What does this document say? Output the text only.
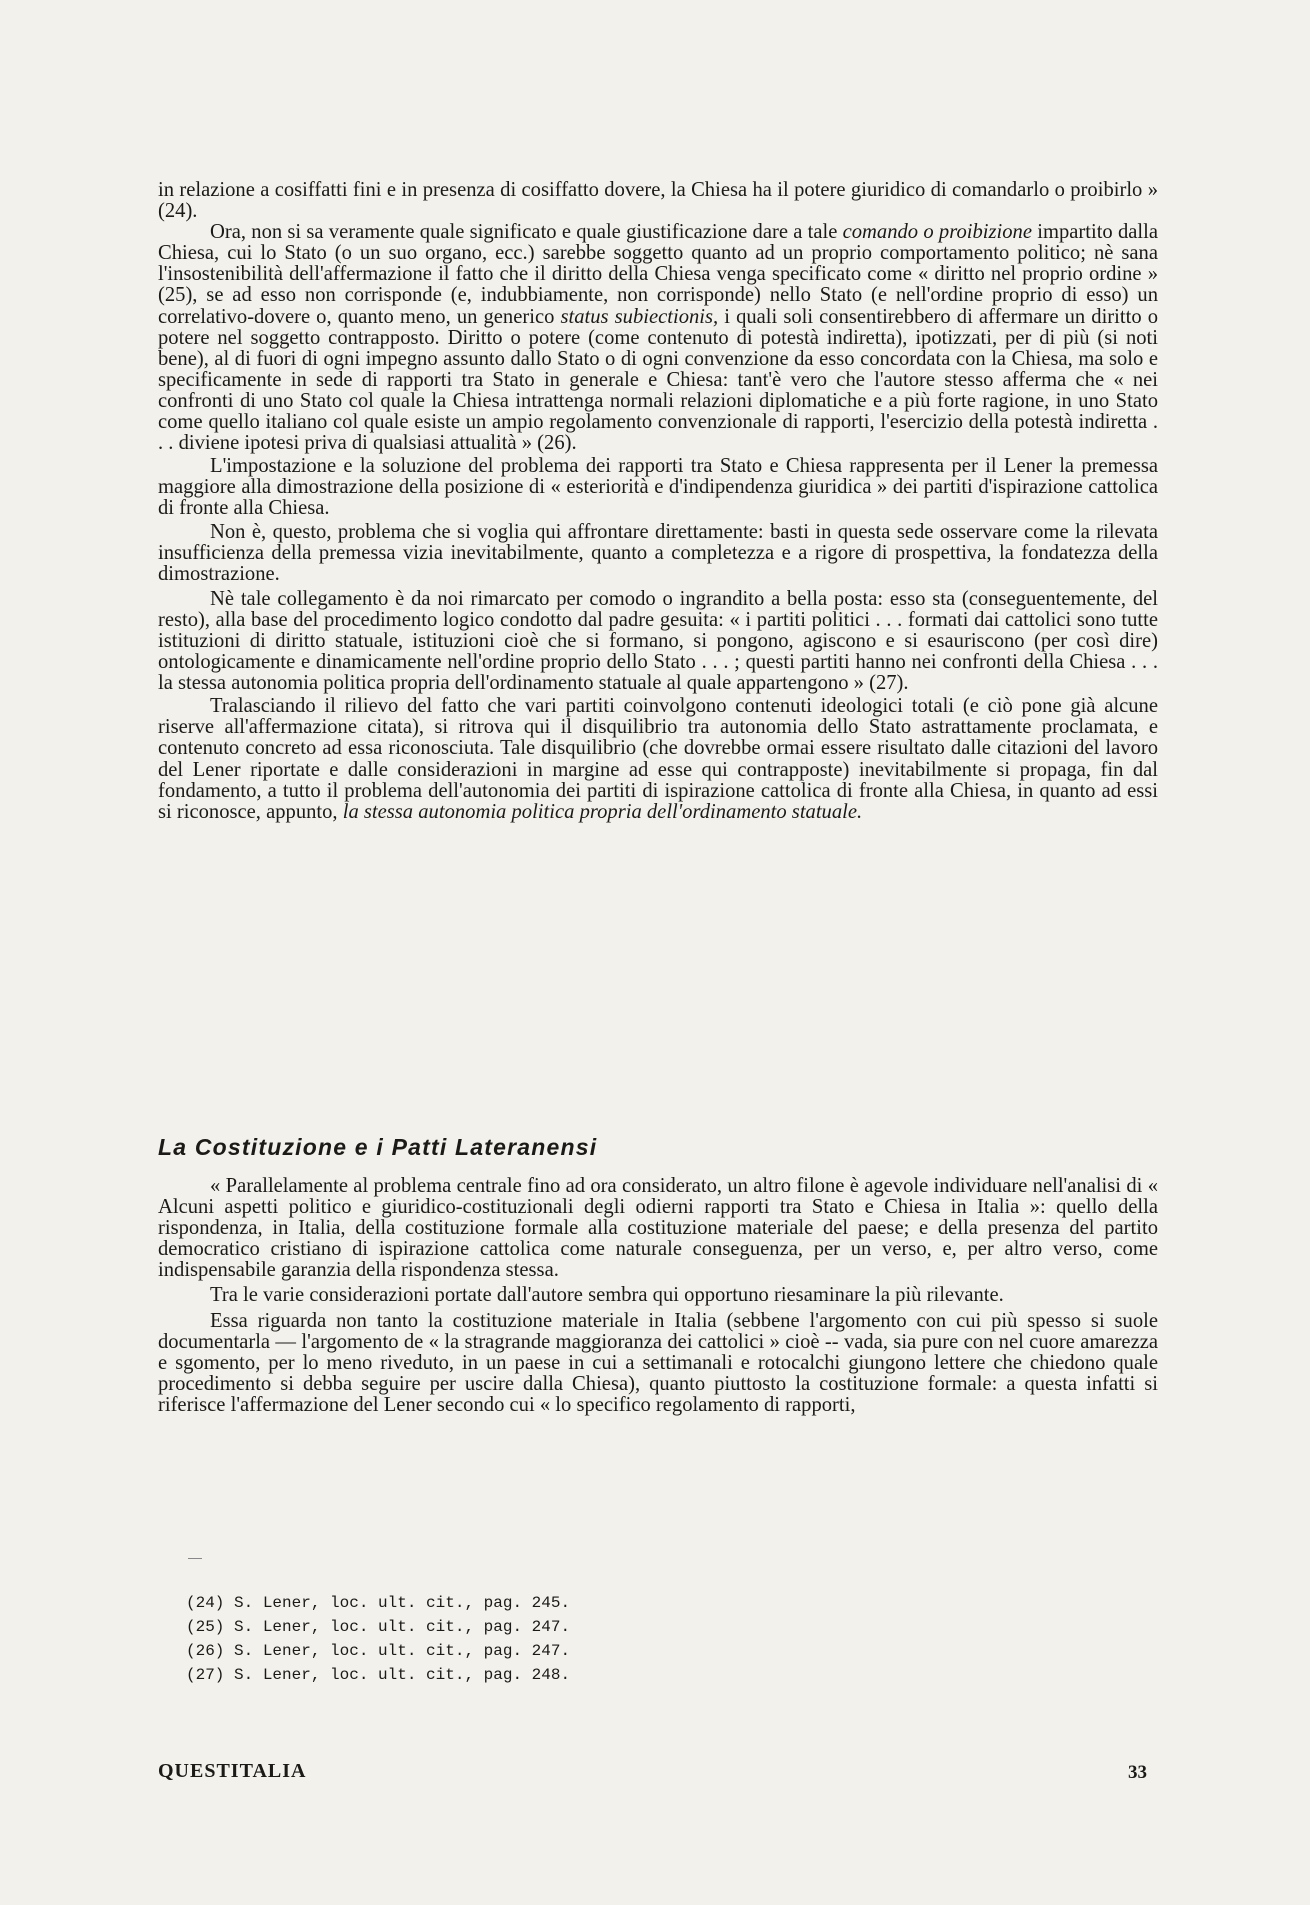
in relazione a cosiffatti fini e in presenza di cosiffatto dovere, la Chiesa ha il potere giuridico di comandarlo o proibirlo » (24).

Ora, non si sa veramente quale significato e quale giustificazione dare a tale comando o proibizione impartito dalla Chiesa, cui lo Stato (o un suo organo, ecc.) sarebbe soggetto quanto ad un proprio comportamento politico; nè sana l'insostenibilità dell'affermazione il fatto che il diritto della Chiesa venga specificato come « diritto nel proprio ordine » (25), se ad esso non corrisponde (e, indubbiamente, non corrisponde) nello Stato (e nell'ordine proprio di esso) un correlativo-dovere o, quanto meno, un generico status subiectionis, i quali soli consentirebbero di affermare un diritto o potere nel soggetto contrapposto. Diritto o potere (come contenuto di potestà indiretta), ipotizzati, per di più (si noti bene), al di fuori di ogni impegno assunto dallo Stato o di ogni convenzione da esso concordata con la Chiesa, ma solo e specificamente in sede di rapporti tra Stato in generale e Chiesa: tant'è vero che l'autore stesso afferma che « nei confronti di uno Stato col quale la Chiesa intrattenga normali relazioni diplomatiche e a più forte ragione, in uno Stato come quello italiano col quale esiste un ampio regolamento convenzionale di rapporti, l'esercizio della potestà indiretta . . . diviene ipotesi priva di qualsiasi attualità » (26).

L'impostazione e la soluzione del problema dei rapporti tra Stato e Chiesa rappresenta per il Lener la premessa maggiore alla dimostrazione della posizione di « esteriorità e d'indipendenza giuridica » dei partiti d'ispirazione cattolica di fronte alla Chiesa.

Non è, questo, problema che si voglia qui affrontare direttamente: basti in questa sede osservare come la rilevata insufficienza della premessa vizia inevitabilmente, quanto a completezza e a rigore di prospettiva, la fondatezza della dimostrazione.

Nè tale collegamento è da noi rimarcato per comodo o ingrandito a bella posta: esso sta (conseguentemente, del resto), alla base del procedimento logico condotto dal padre gesuita: « i partiti politici . . . formati dai cattolici sono tutte istituzioni di diritto statuale, istituzioni cioè che si formano, si pongono, agiscono e si esauriscono (per così dire) ontologicamente e dinamicamente nell'ordine proprio dello Stato . . . ; questi partiti hanno nei confronti della Chiesa . . . la stessa autonomia politica propria dell'ordinamento statuale al quale appartengono » (27).

Tralasciando il rilievo del fatto che vari partiti coinvolgono contenuti ideologici totali (e ciò pone già alcune riserve all'affermazione citata), si ritrova qui il disquilibrio tra autonomia dello Stato astrattamente proclamata, e contenuto concreto ad essa riconosciuta. Tale disquilibrio (che dovrebbe ormai essere risultato dalle citazioni del lavoro del Lener riportate e dalle considerazioni in margine ad esse qui contrapposte) inevitabilmente si propaga, fin dal fondamento, a tutto il problema dell'autonomia dei partiti di ispirazione cattolica di fronte alla Chiesa, in quanto ad essi si riconosce, appunto, la stessa autonomia politica propria dell'ordinamento statuale.

La Costituzione e i Patti Lateranensi

« Parallelamente al problema centrale fino ad ora considerato, un altro filone è agevole individuare nell'analisi di « Alcuni aspetti politico e giuridico-costituzionali degli odierni rapporti tra Stato e Chiesa in Italia »: quello della rispondenza, in Italia, della costituzione formale alla costituzione materiale del paese; e della presenza del partito democratico cristiano di ispirazione cattolica come naturale conseguenza, per un verso, e, per altro verso, come indispensabile garanzia della rispondenza stessa.

Tra le varie considerazioni portate dall'autore sembra qui opportuno riesaminare la più rilevante.

Essa riguarda non tanto la costituzione materiale in Italia (sebbene l'argomento con cui più spesso si suole documentarla — l'argomento de « la stragrande maggioranza dei cattolici » cioè -- vada, sia pure con nel cuore amarezza e sgomento, per lo meno riveduto, in un paese in cui a settimanali e rotocalchi giungono lettere che chiedono quale procedimento si debba seguire per uscire dalla Chiesa), quanto piuttosto la costituzione formale: a questa infatti si riferisce l'affermazione del Lener secondo cui « lo specifico regolamento di rapporti,

(24) S. Lener, loc. ult. cit., pag. 245.
(25) S. Lener, loc. ult. cit., pag. 247.
(26) S. Lener, loc. ult. cit., pag. 247.
(27) S. Lener, loc. ult. cit., pag. 248.
QUESTITALIA	33
